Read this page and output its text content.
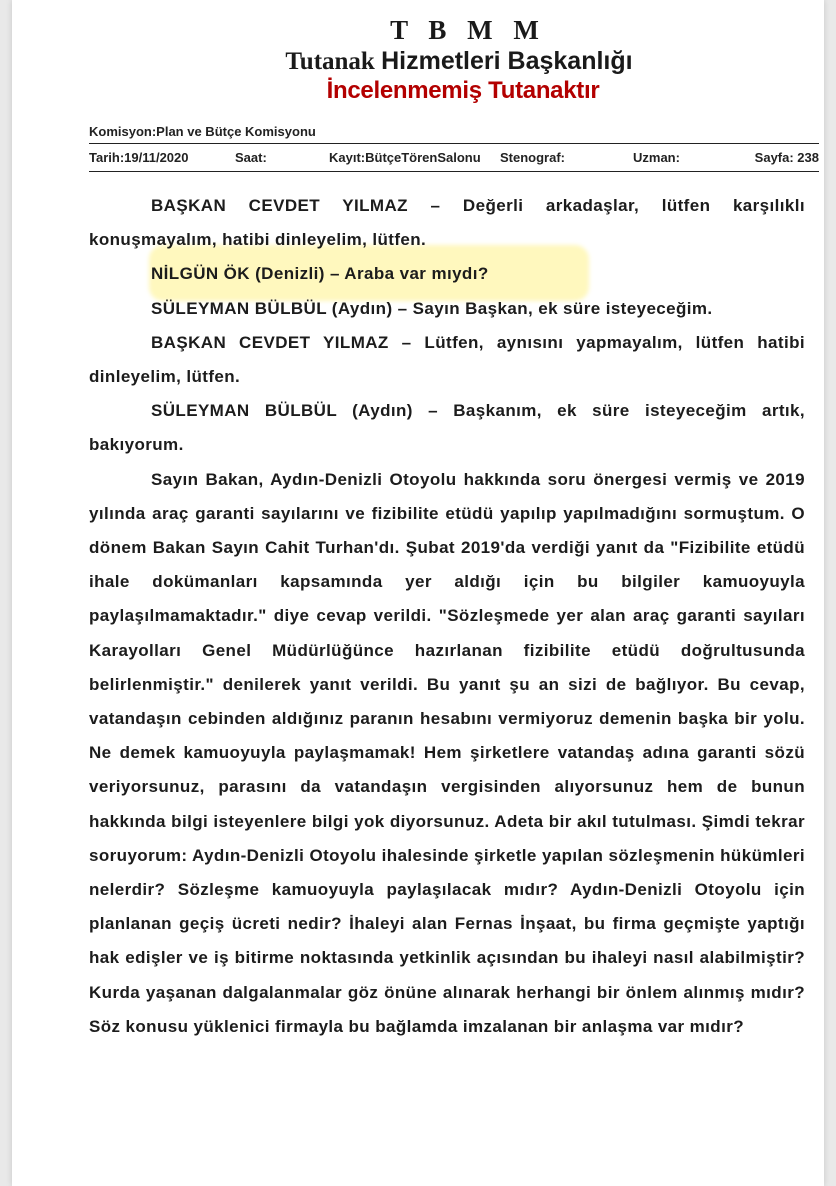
T B M M
Tutanak Hizmetleri Başkanlığı
İncelenmemiş Tutanaktır
Komisyon:Plan ve Bütçe Komisyonu
Tarih:19/11/2020	Saat:	Kayıt:BütçeTörenSalonu Stenograf:	Uzman:	Sayfa: 238

BAŞKAN CEVDET YILMAZ – Değerli arkadaşlar, lütfen karşılıklı konuşmayalım, hatibi dinleyelim, lütfen.

NİLGÜN ÖK (Denizli) – Araba var mıydı?

SÜLEYMAN BÜLBÜL (Aydın) – Sayın Başkan, ek süre isteyeceğim.

BAŞKAN CEVDET YILMAZ – Lütfen, aynısını yapmayalım, lütfen hatibi dinleyelim, lütfen.

SÜLEYMAN BÜLBÜL (Aydın) – Başkanım, ek süre isteyeceğim artık, bakıyorum.

Sayın Bakan, Aydın-Denizli Otoyolu hakkında soru önergesi vermiş ve 2019 yılında araç garanti sayılarını ve fizibilite etüdü yapılıp yapılmadığını sormuştum. O dönem Bakan Sayın Cahit Turhan'dı. Şubat 2019'da verdiği yanıt da "Fizibilite etüdü ihale dokümanları kapsamında yer aldığı için bu bilgiler kamuoyuyla paylaşılmamaktadır." diye cevap verildi. "Sözleşmede yer alan araç garanti sayıları Karayolları Genel Müdürlüğünce hazırlanan fizibilite etüdü doğrultusunda belirlenmiştir." denilerek yanıt verildi. Bu yanıt şu an sizi de bağlıyor. Bu cevap, vatandaşın cebinden aldığınız paranın hesabını vermiyoruz demenin başka bir yolu. Ne demek kamuoyuyla paylaşmamak! Hem şirketlere vatandaş adına garanti sözü veriyorsunuz, parasını da vatandaşın vergisinden alıyorsunuz hem de bunun hakkında bilgi isteyenlere bilgi yok diyorsunuz. Adeta bir akıl tutulması. Şimdi tekrar soruyorum: Aydın-Denizli Otoyolu ihalesinde şirketle yapılan sözleşmenin hükümleri nelerdir? Sözleşme kamuoyuyla paylaşılacak mıdır? Aydın-Denizli Otoyolu için planlanan geçiş ücreti nedir? İhaleyi alan Fernas İnşaat, bu firma geçmişte yaptığı hak edişler ve iş bitirme noktasında yetkinlik açısından bu ihaleyi nasıl alabilmiştir? Kurda yaşanan dalgalanmalar göz önüne alınarak herhangi bir önlem alınmış mıdır? Söz konusu yüklenici firmayla bu bağlamda imzalanan bir anlaşma var mıdır?
